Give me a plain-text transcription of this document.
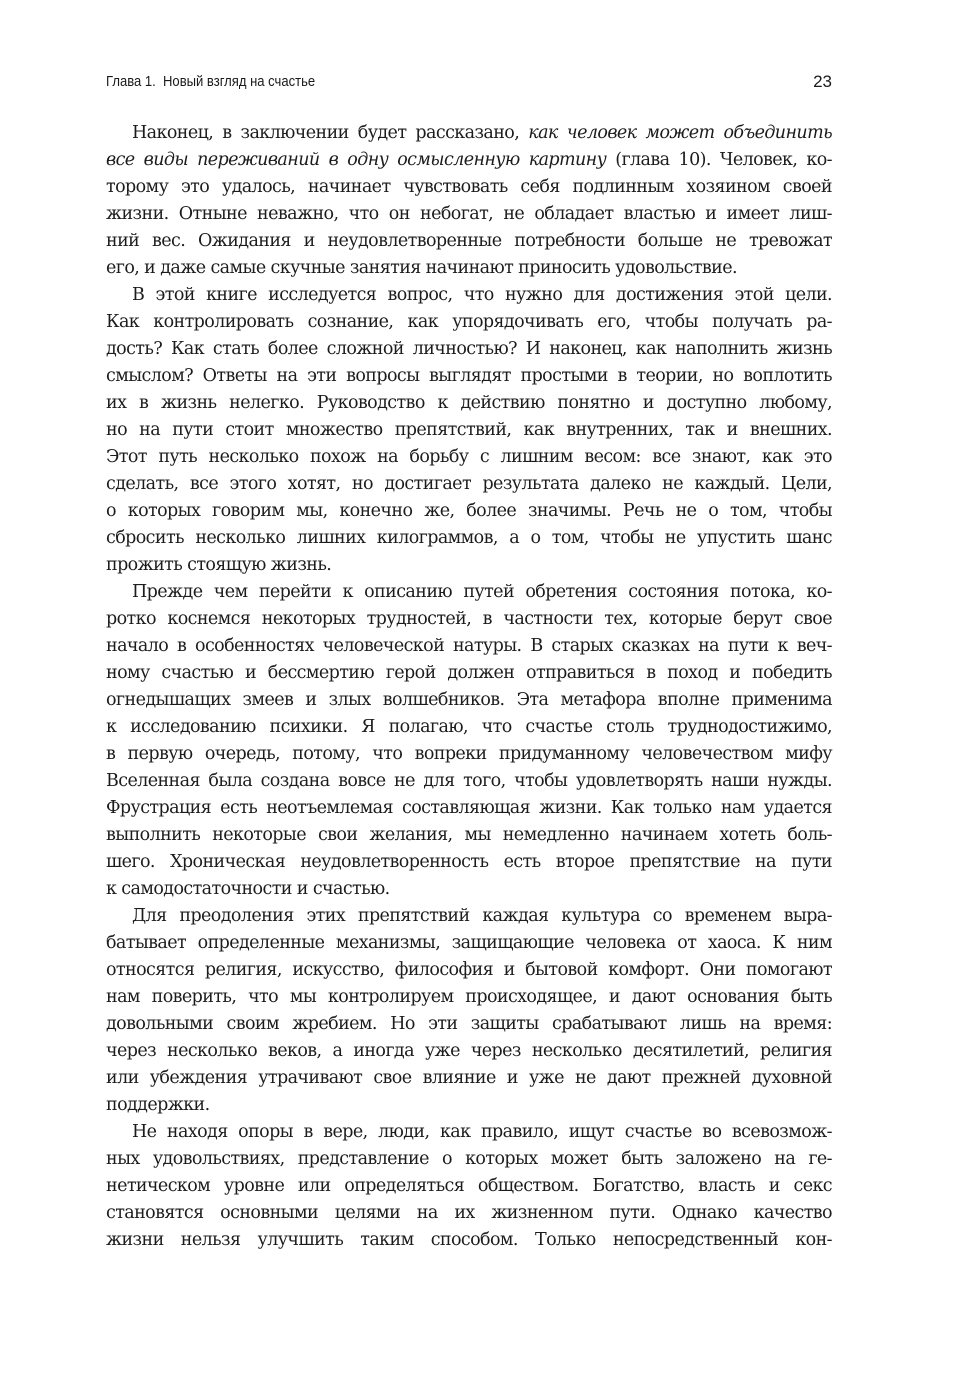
Глава 1.  Новый взгляд на счастье	23
Наконец, в заключении будет рассказано, как человек может объединить
все виды переживаний в одну осмысленную картину (глава 10). Человек, ко-
торому это удалось, начинает чувствовать себя подлинным хозяином своей
жизни. Отныне неважно, что он небогат, не обладает властью и имеет лиш-
ний вес. Ожидания и неудовлетворенные потребности больше не тревожат
его, и даже самые скучные занятия начинают приносить удовольствие.
В этой книге исследуется вопрос, что нужно для достижения этой цели.
Как контролировать сознание, как упорядочивать его, чтобы получать ра-
дость? Как стать более сложной личностью? И наконец, как наполнить жизнь
смыслом? Ответы на эти вопросы выглядят простыми в теории, но воплотить
их в жизнь нелегко. Руководство к действию понятно и доступно любому,
но на пути стоит множество препятствий, как внутренних, так и внешних.
Этот путь несколько похож на борьбу с лишним весом: все знают, как это
сделать, все этого хотят, но достигает результата далеко не каждый. Цели,
о которых говорим мы, конечно же, более значимы. Речь не о том, чтобы
сбросить несколько лишних килограммов, а о том, чтобы не упустить шанс
прожить стоящую жизнь.
Прежде чем перейти к описанию путей обретения состояния потока, ко-
ротко коснемся некоторых трудностей, в частности тех, которые берут свое
начало в особенностях человеческой натуры. В старых сказках на пути к веч-
ному счастью и бессмертию герой должен отправиться в поход и победить
огнедышащих змеев и злых волшебников. Эта метафора вполне применима
к исследованию психики. Я полагаю, что счастье столь труднодостижимо,
в первую очередь, потому, что вопреки придуманному человечеством мифу
Вселенная была создана вовсе не для того, чтобы удовлетворять наши нужды.
Фрустрация есть неотъемлемая составляющая жизни. Как только нам удается
выполнить некоторые свои желания, мы немедленно начинаем хотеть боль-
шего. Хроническая неудовлетворенность есть второе препятствие на пути
к самодостаточности и счастью.
Для преодоления этих препятствий каждая культура со временем выра-
батывает определенные механизмы, защищающие человека от хаоса. К ним
относятся религия, искусство, философия и бытовой комфорт. Они помогают
нам поверить, что мы контролируем происходящее, и дают основания быть
довольными своим жребием. Но эти защиты срабатывают лишь на время:
через несколько веков, а иногда уже через несколько десятилетий, религия
или убеждения утрачивают свое влияние и уже не дают прежней духовной
поддержки.
Не находя опоры в вере, люди, как правило, ищут счастье во всевозмож-
ных удовольствиях, представление о которых может быть заложено на ге-
нетическом уровне или определяться обществом. Богатство, власть и секс
становятся основными целями на их жизненном пути. Однако качество
жизни нельзя улучшить таким способом. Только непосредственный кон-
